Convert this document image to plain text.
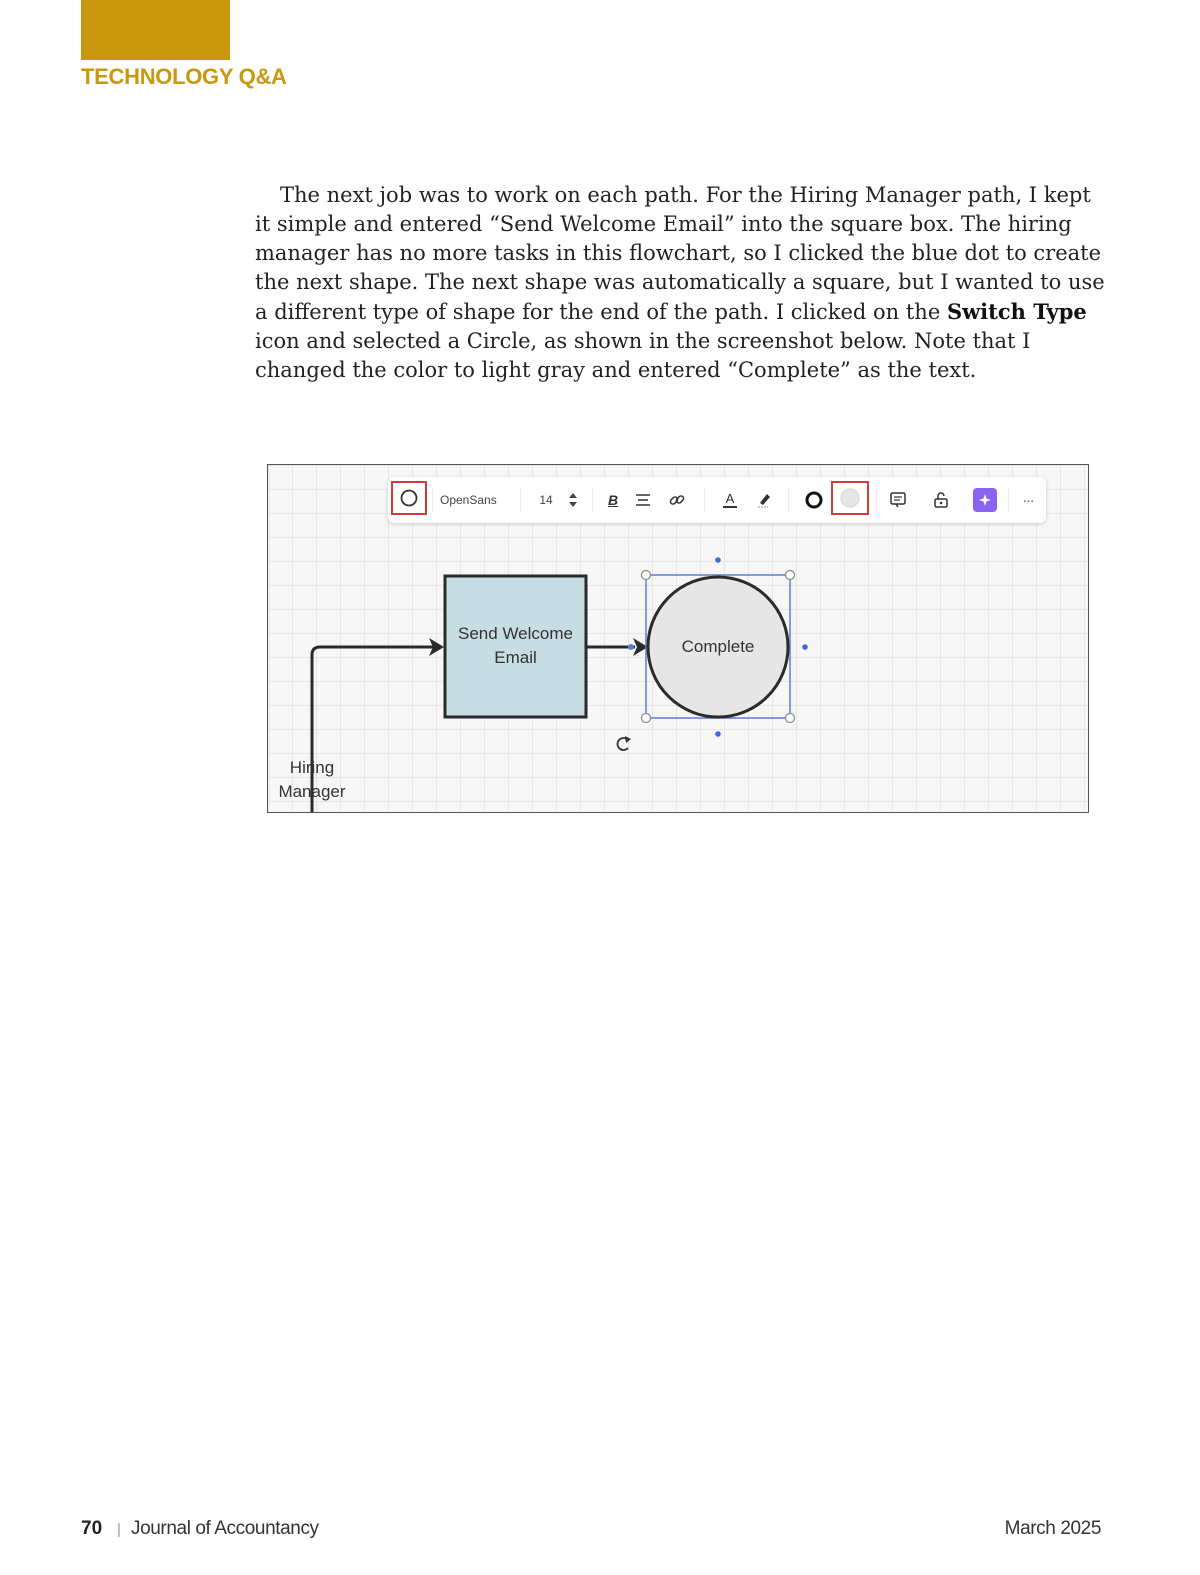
TECHNOLOGY Q&A

The next job was to work on each path. For the Hiring Manager path, I kept it simple and entered “Send Welcome Email” into the square box. The hiring manager has no more tasks in this flowchart, so I clicked the blue dot to create the next shape. The next shape was automatically a square, but I wanted to use a different type of shape for the end of the path. I clicked on the Switch Type icon and selected a Circle, as shown in the screenshot below. Note that I changed the color to light gray and entered “Complete” as the text.

Send Welcome
Email
Complete
Hiring
Manager
OpenSans	14	B	A	···
70 | Journal of Accountancy	March 2025
